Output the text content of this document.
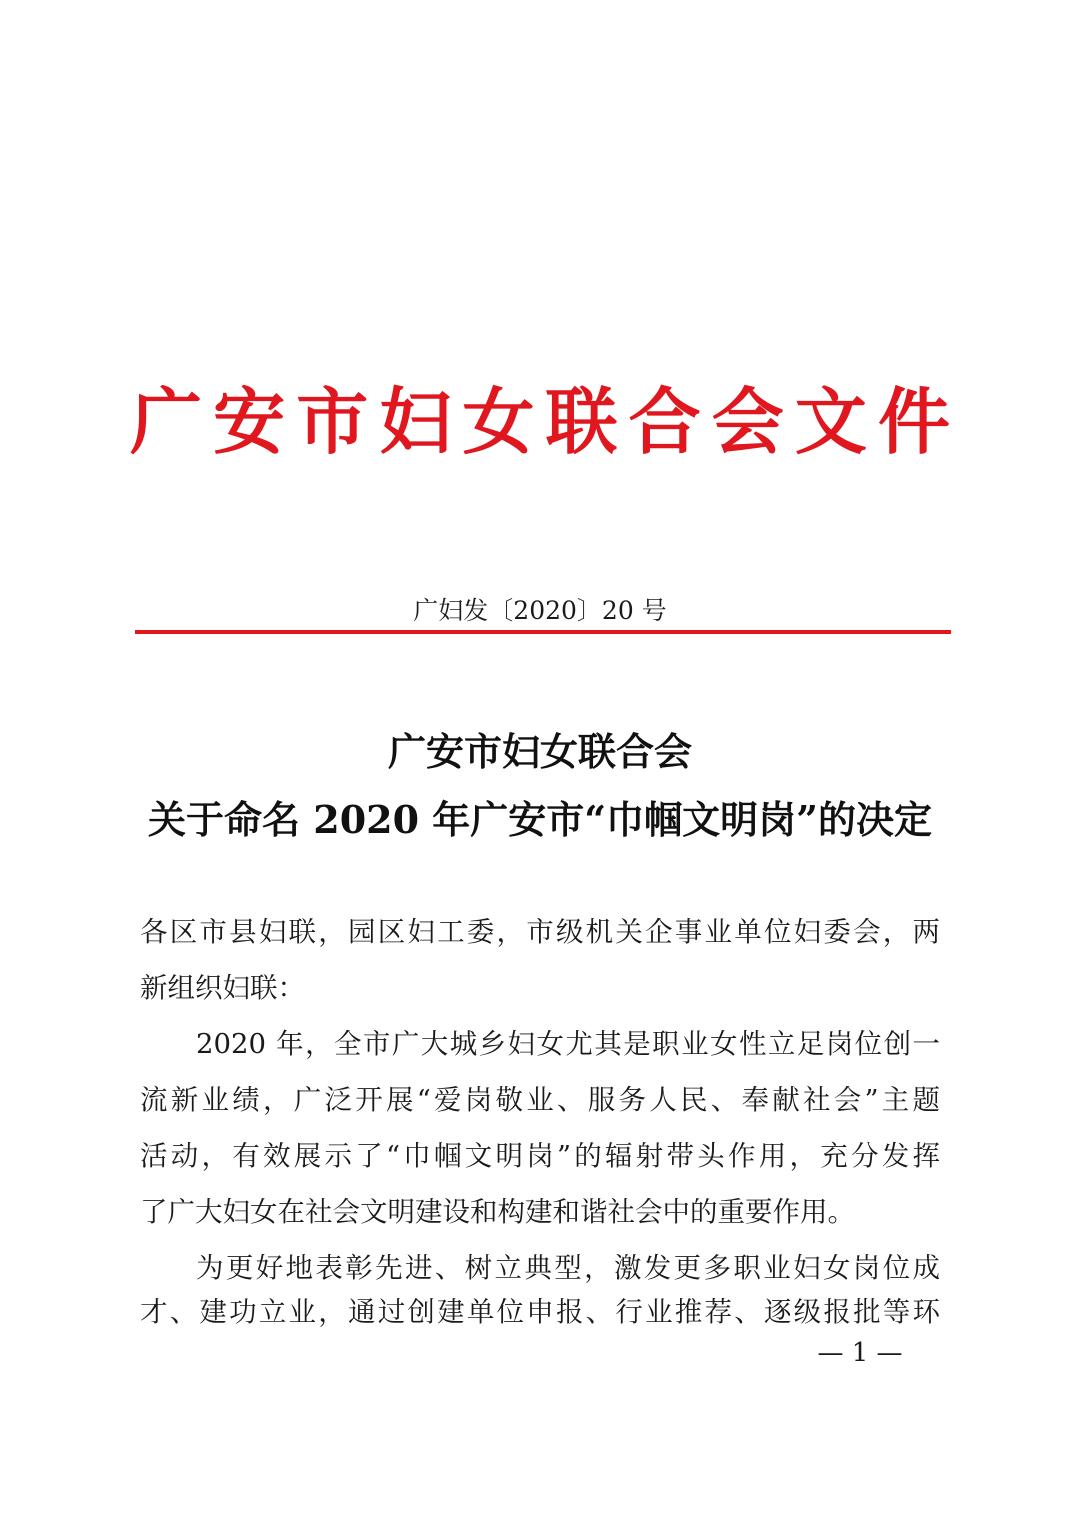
广 安 市 妇 女 联 合 会 文 件
广妇发〔2020〕20 号
广安市妇女联合会
关于命名 2020 年广安市“巾帼文明岗”的决定
各区市县妇联，园区妇工委，市级机关企事业单位妇委会，两
新组织妇联：
2020 年，全市广大城乡妇女尤其是职业女性立足岗位创一
流新业绩，广泛开展“爱岗敬业、服务人民、奉献社会”主题
活动，有效展示了“巾帼文明岗”的辐射带头作用，充分发挥
了广大妇女在社会文明建设和构建和谐社会中的重要作用。
为更好地表彰先进、树立典型，激发更多职业妇女岗位成
才、建功立业，通过创建单位申报、行业推荐、逐级报批等环
— 1 —
